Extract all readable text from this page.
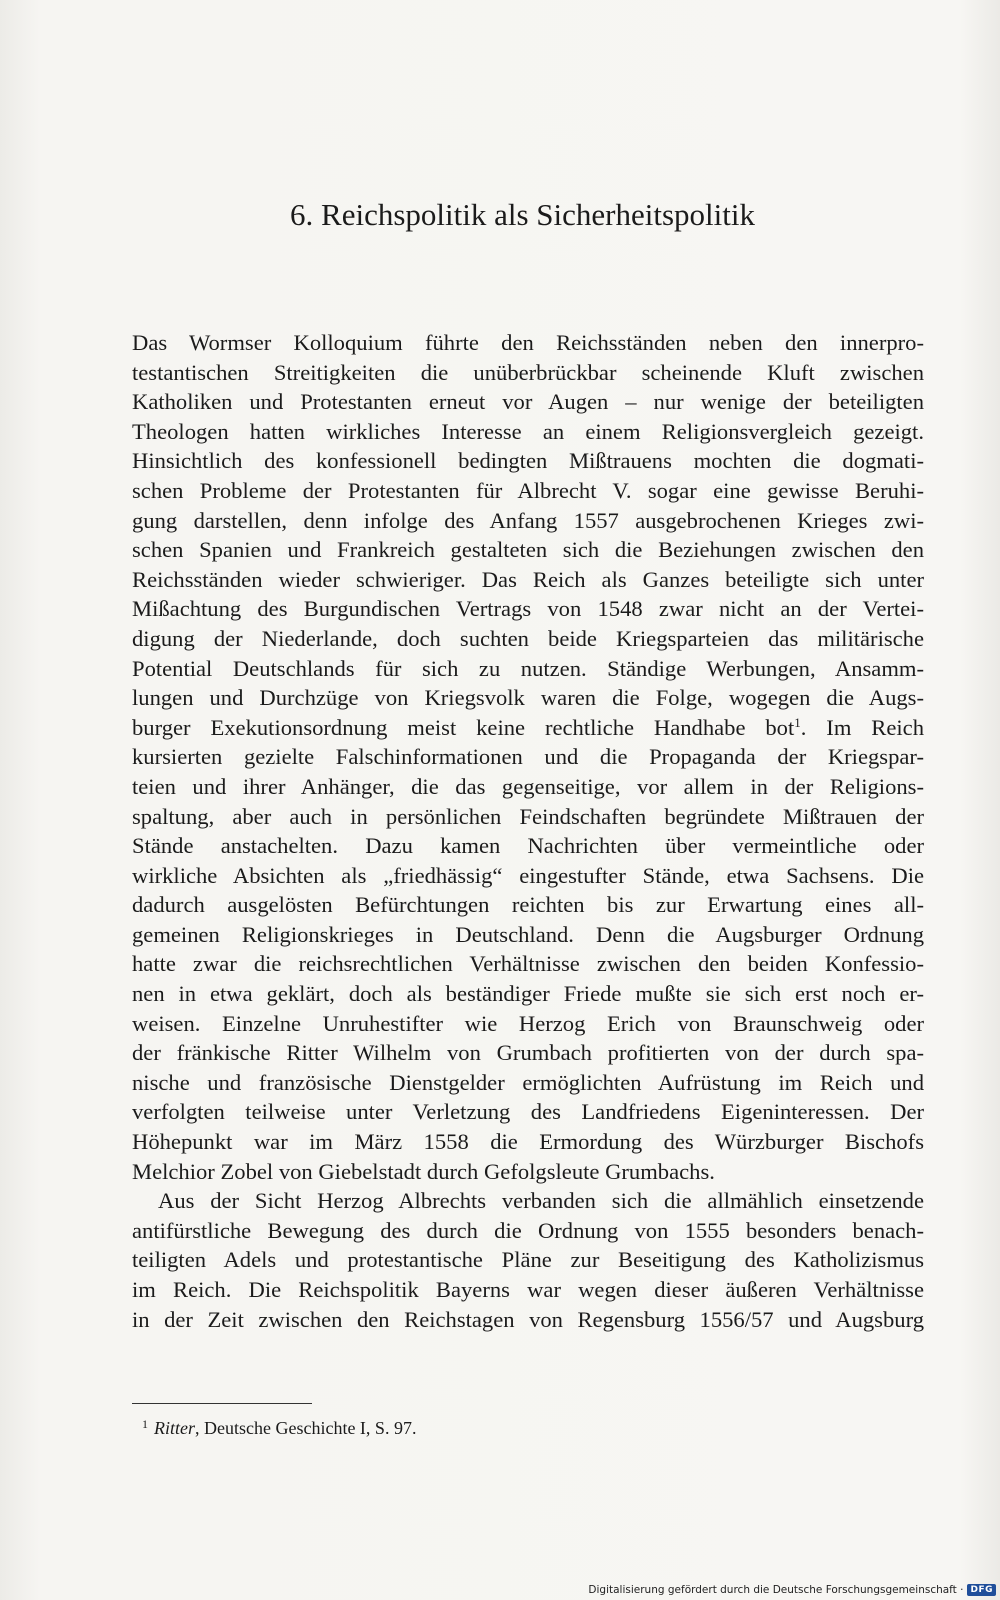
6. Reichspolitik als Sicherheitspolitik
Das Wormser Kolloquium führte den Reichsständen neben den innerpro-
testantischen Streitigkeiten die unüberbrückbar scheinende Kluft zwischen
Katholiken und Protestanten erneut vor Augen – nur wenige der beteiligten
Theologen hatten wirkliches Interesse an einem Religionsvergleich gezeigt.
Hinsichtlich des konfessionell bedingten Mißtrauens mochten die dogmati-
schen Probleme der Protestanten für Albrecht V. sogar eine gewisse Beruhi-
gung darstellen, denn infolge des Anfang 1557 ausgebrochenen Krieges zwi-
schen Spanien und Frankreich gestalteten sich die Beziehungen zwischen den
Reichsständen wieder schwieriger. Das Reich als Ganzes beteiligte sich unter
Mißachtung des Burgundischen Vertrags von 1548 zwar nicht an der Vertei-
digung der Niederlande, doch suchten beide Kriegsparteien das militärische
Potential Deutschlands für sich zu nutzen. Ständige Werbungen, Ansamm-
lungen und Durchzüge von Kriegsvolk waren die Folge, wogegen die Augs-
burger Exekutionsordnung meist keine rechtliche Handhabe bot$^1$. Im Reich
kursierten gezielte Falschinformationen und die Propaganda der Kriegspar-
teien und ihrer Anhänger, die das gegenseitige, vor allem in der Religions-
spaltung, aber auch in persönlichen Feindschaften begründete Mißtrauen der
Stände anstachelten. Dazu kamen Nachrichten über vermeintliche oder
wirkliche Absichten als „friedhässig“ eingestufter Stände, etwa Sachsens. Die
dadurch ausgelösten Befürchtungen reichten bis zur Erwartung eines all-
gemeinen Religionskrieges in Deutschland. Denn die Augsburger Ordnung
hatte zwar die reichsrechtlichen Verhältnisse zwischen den beiden Konfessio-
nen in etwa geklärt, doch als beständiger Friede mußte sie sich erst noch er-
weisen. Einzelne Unruhestifter wie Herzog Erich von Braunschweig oder
der fränkische Ritter Wilhelm von Grumbach profitierten von der durch spa-
nische und französische Dienstgelder ermöglichten Aufrüstung im Reich und
verfolgten teilweise unter Verletzung des Landfriedens Eigeninteressen. Der
Höhepunkt war im März 1558 die Ermordung des Würzburger Bischofs
Melchior Zobel von Giebelstadt durch Gefolgsleute Grumbachs.
Aus der Sicht Herzog Albrechts verbanden sich die allmählich einsetzende
antifürstliche Bewegung des durch die Ordnung von 1555 besonders benach-
teiligten Adels und protestantische Pläne zur Beseitigung des Katholizismus
im Reich. Die Reichspolitik Bayerns war wegen dieser äußeren Verhältnisse
in der Zeit zwischen den Reichstagen von Regensburg 1556/57 und Augsburg
$^1$ Ritter, Deutsche Geschichte I, S. 97.
Digitalisierung gefördert durch die Deutsche Forschungsgemeinschaft · DFG
